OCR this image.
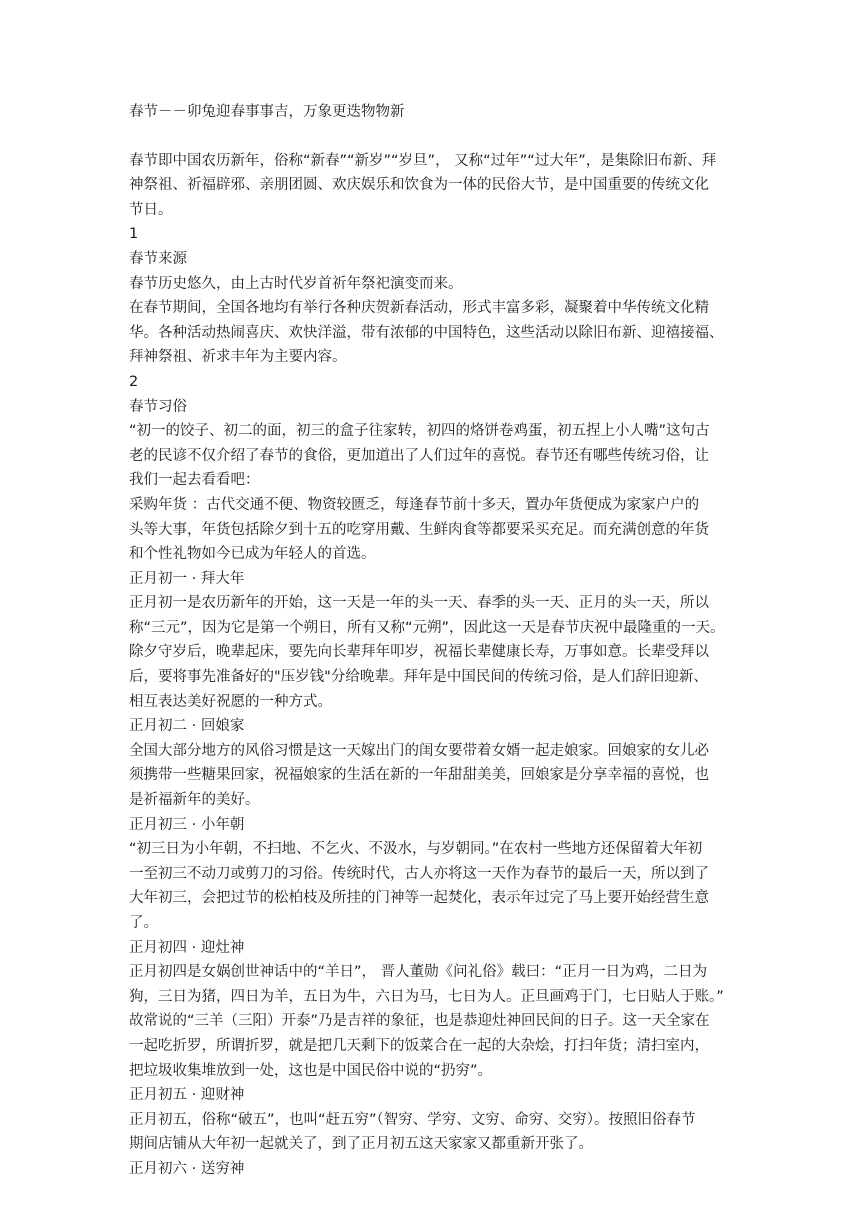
春节－－卯兔迎春事事吉，万象更迭物物新
春节即中国农历新年，俗称“新春”“新岁”“岁旦”， 又称“过年”“过大年”，是集除旧布新、拜
神祭祖、祈福辟邪、亲朋团圆、欢庆娱乐和饮食为一体的民俗大节，是中国重要的传统文化
节日。
1
春节来源
春节历史悠久，由上古时代岁首祈年祭祀演变而来。
在春节期间，全国各地均有举行各种庆贺新春活动，形式丰富多彩，凝聚着中华传统文化精
华。各种活动热闹喜庆、欢快洋溢，带有浓郁的中国特色，这些活动以除旧布新、迎禧接福、
拜神祭祖、祈求丰年为主要内容。
2
春节习俗
“初一的饺子、初二的面，初三的盒子往家转，初四的烙饼卷鸡蛋，初五捏上小人嘴”这句古
老的民谚不仅介绍了春节的食俗，更加道出了人们过年的喜悦。春节还有哪些传统习俗，让
我们一起去看看吧：
采购年货 ：古代交通不便、物资较匮乏，每逢春节前十多天，置办年货便成为家家户户的
头等大事，年货包括除夕到十五的吃穿用戴、生鲜肉食等都要采买充足。而充满创意的年货
和个性礼物如今已成为年轻人的首选。
正月初一 · 拜大年
正月初一是农历新年的开始，这一天是一年的头一天、春季的头一天、正月的头一天，所以
称“三元”，因为它是第一个朔日，所有又称“元朔”，因此这一天是春节庆祝中最隆重的一天。
除夕守岁后，晚辈起床，要先向长辈拜年叩岁，祝福长辈健康长寿，万事如意。长辈受拜以
后，要将事先准备好的"压岁钱"分给晚辈。拜年是中国民间的传统习俗，是人们辞旧迎新、
相互表达美好祝愿的一种方式。
正月初二 · 回娘家
全国大部分地方的风俗习惯是这一天嫁出门的闺女要带着女婿一起走娘家。回娘家的女儿必
须携带一些糖果回家，祝福娘家的生活在新的一年甜甜美美，回娘家是分享幸福的喜悦，也
是祈福新年的美好。
正月初三 · 小年朝
“初三日为小年朝，不扫地、不乞火、不汲水，与岁朝同。”在农村一些地方还保留着大年初
一至初三不动刀或剪刀的习俗。传统时代，古人亦将这一天作为春节的最后一天，所以到了
大年初三，会把过节的松柏枝及所挂的门神等一起焚化，表示年过完了马上要开始经营生意
了。
正月初四 · 迎灶神
正月初四是女娲创世神话中的“羊日”， 晋人董勋《问礼俗》载曰：“正月一日为鸡，二日为
狗，三日为猪，四日为羊，五日为牛，六日为马，七日为人。正旦画鸡于门，七日贴人于账。”
故常说的“三羊（三阳）开泰”乃是吉祥的象征，也是恭迎灶神回民间的日子。这一天全家在
一起吃折罗，所谓折罗，就是把几天剩下的饭菜合在一起的大杂烩，打扫年货；清扫室内，
把垃圾收集堆放到一处，这也是中国民俗中说的“扔穷”。
正月初五 · 迎财神
正月初五，俗称“破五”，也叫“赶五穷”（智穷、学穷、文穷、命穷、交穷）。按照旧俗春节
期间店铺从大年初一起就关了，到了正月初五这天家家又都重新开张了。
正月初六 · 送穷神
